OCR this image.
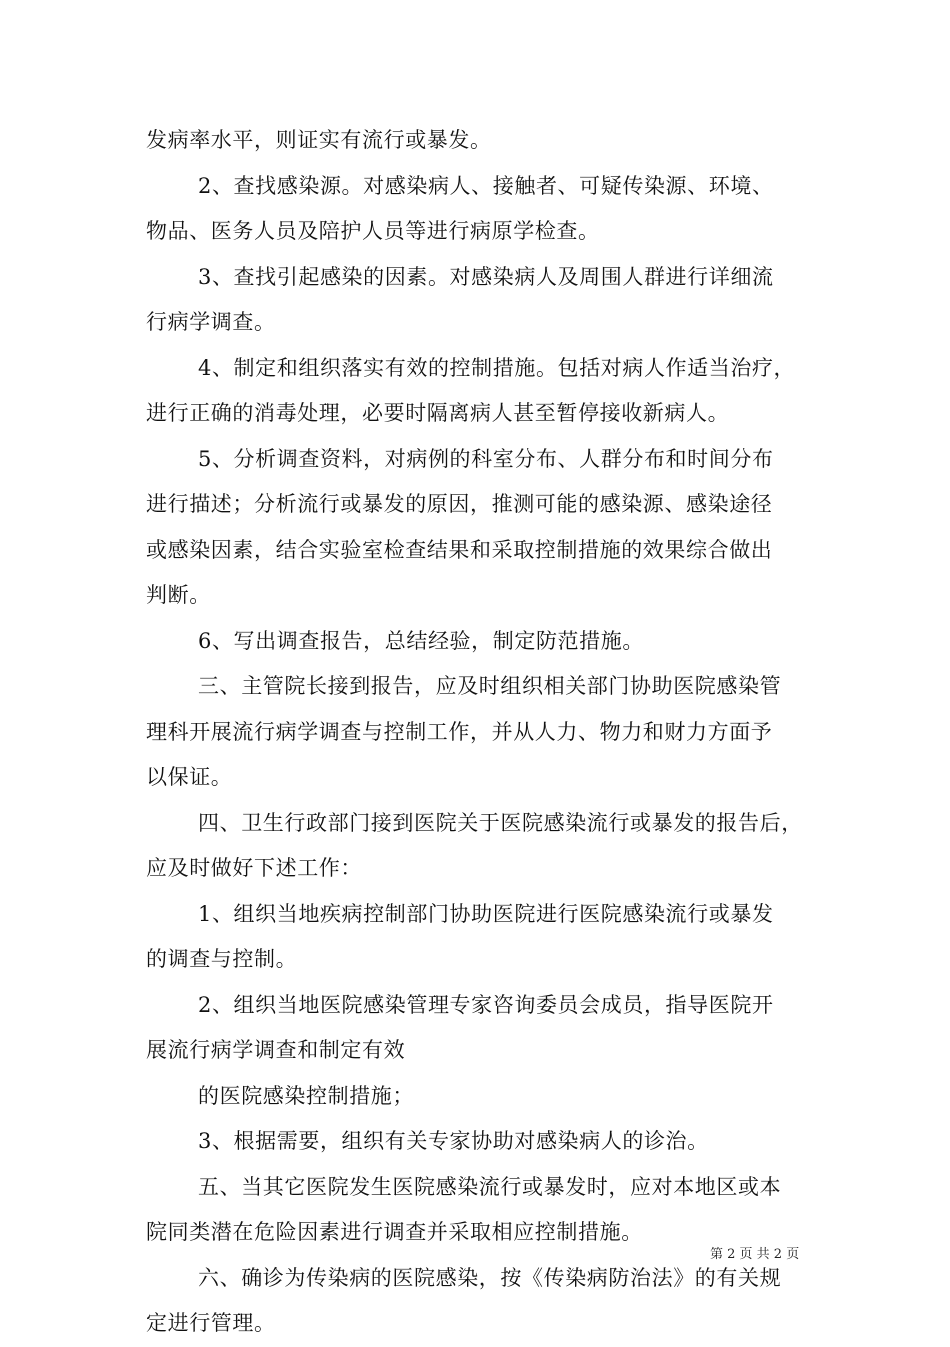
发病率水平，则证实有流行或暴发。
2、查找感染源。对感染病人、接触者、可疑传染源、环境、
物品、医务人员及陪护人员等进行病原学检查。
3、查找引起感染的因素。对感染病人及周围人群进行详细流
行病学调查。
4、制定和组织落实有效的控制措施。包括对病人作适当治疗，
进行正确的消毒处理，必要时隔离病人甚至暂停接收新病人。
5、分析调查资料，对病例的科室分布、人群分布和时间分布
进行描述；分析流行或暴发的原因，推测可能的感染源、感染途径
或感染因素，结合实验室检查结果和采取控制措施的效果综合做出
判断。
6、写出调查报告，总结经验，制定防范措施。
三、主管院长接到报告，应及时组织相关部门协助医院感染管
理科开展流行病学调查与控制工作，并从人力、物力和财力方面予
以保证。
四、卫生行政部门接到医院关于医院感染流行或暴发的报告后，
应及时做好下述工作：
1、组织当地疾病控制部门协助医院进行医院感染流行或暴发
的调查与控制。
2、组织当地医院感染管理专家咨询委员会成员，指导医院开
展流行病学调查和制定有效
的医院感染控制措施；
3、根据需要，组织有关专家协助对感染病人的诊治。
五、当其它医院发生医院感染流行或暴发时，应对本地区或本
院同类潜在危险因素进行调查并采取相应控制措施。
六、确诊为传染病的医院感染，按《传染病防治法》的有关规
定进行管理。
第 2 页 共 2 页
